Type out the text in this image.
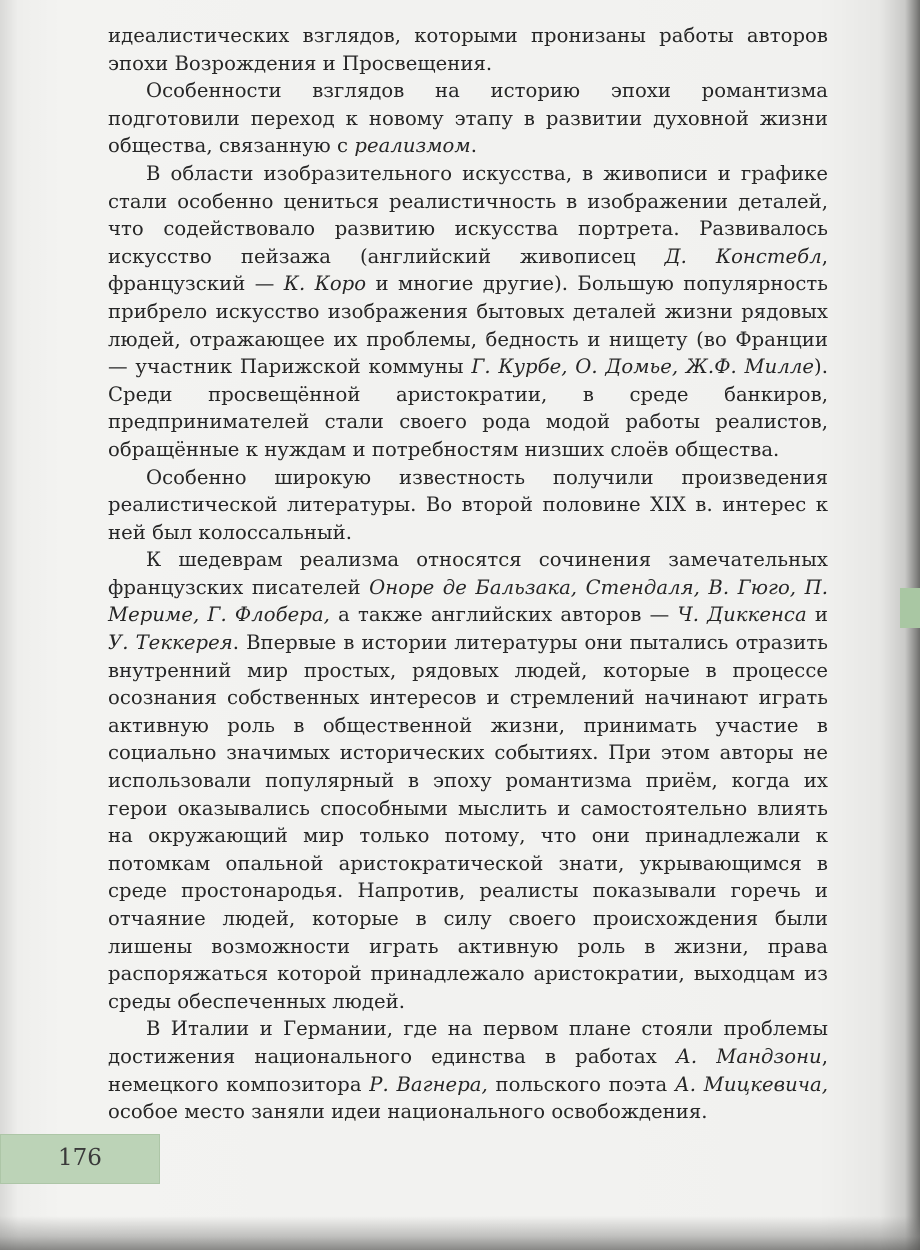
идеалистических взглядов, которыми пронизаны работы авторов эпохи Возрождения и Просвещения.

Особенности взглядов на историю эпохи романтизма подготовили переход к новому этапу в развитии духовной жизни общества, связанную с реализмом.

В области изобразительного искусства, в живописи и графике стали особенно цениться реалистичность в изображении деталей, что содействовало развитию искусства портрета. Развивалось искусство пейзажа (английский живописец Д. Констебл, французский — К. Коро и многие другие). Большую популярность прибрело искусство изображения бытовых деталей жизни рядовых людей, отражающее их проблемы, бедность и нищету (во Франции — участник Парижской коммуны Г. Курбе, О. Домье, Ж.Ф. Милле). Среди просвещённой аристократии, в среде банкиров, предпринимателей стали своего рода модой работы реалистов, обращённые к нуждам и потребностям низших слоёв общества.

Особенно широкую известность получили произведения реалистической литературы. Во второй половине XIX в. интерес к ней был колоссальный.

К шедеврам реализма относятся сочинения замечательных французских писателей Оноре де Бальзака, Стендаля, В. Гюго, П. Мериме, Г. Флобера, а также английских авторов — Ч. Диккенса и У. Теккерея. Впервые в истории литературы они пытались отразить внутренний мир простых, рядовых людей, которые в процессе осознания собственных интересов и стремлений начинают играть активную роль в общественной жизни, принимать участие в социально значимых исторических событиях. При этом авторы не использовали популярный в эпоху романтизма приём, когда их герои оказывались способными мыслить и самостоятельно влиять на окружающий мир только потому, что они принадлежали к потомкам опальной аристократической знати, укрывающимся в среде простонародья. Напротив, реалисты показывали горечь и отчаяние людей, которые в силу своего происхождения были лишены возможности играть активную роль в жизни, права распоряжаться которой принадлежало аристократии, выходцам из среды обеспеченных людей.

В Италии и Германии, где на первом плане стояли проблемы достижения национального единства в работах А. Мандзони, немецкого композитора Р. Вагнера, польского поэта А. Мицкевича, особое место заняли идеи национального освобождения.

176
